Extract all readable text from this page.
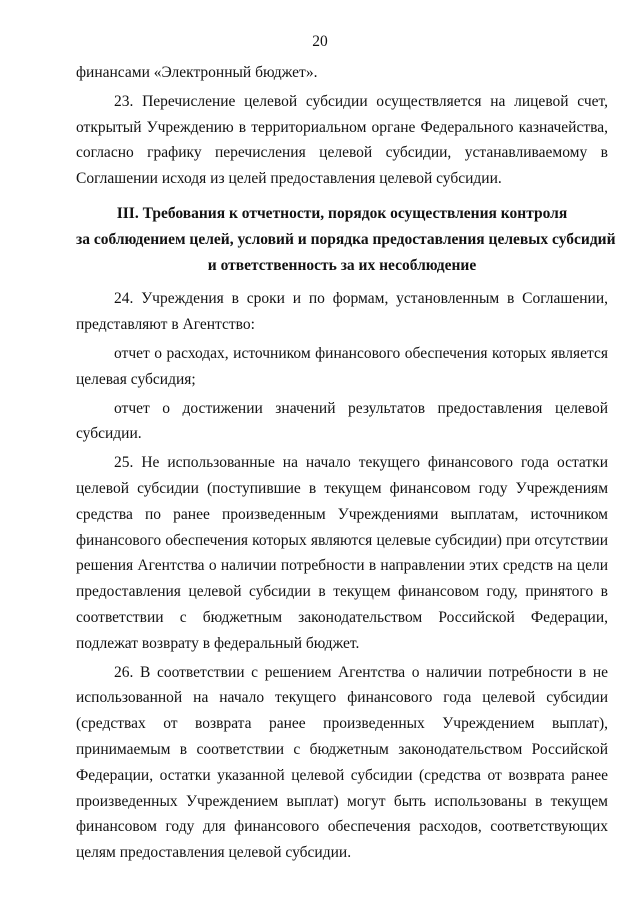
20

финансами «Электронный бюджет».

23. Перечисление целевой субсидии осуществляется на лицевой счет, открытый Учреждению в территориальном органе Федерального казначейства, согласно графику перечисления целевой субсидии, устанавливаемому в Соглашении исходя из целей предоставления целевой субсидии.

III. Требования к отчетности, порядок осуществления контроля
за соблюдением целей, условий и порядка предоставления целевых субсидий
и ответственность за их несоблюдение

24. Учреждения в сроки и по формам, установленным в Соглашении, представляют в Агентство:

отчет о расходах, источником финансового обеспечения которых является целевая субсидия;

отчет о достижении значений результатов предоставления целевой субсидии.

25. Не использованные на начало текущего финансового года остатки целевой субсидии (поступившие в текущем финансовом году Учреждениям средства по ранее произведенным Учреждениями выплатам, источником финансового обеспечения которых являются целевые субсидии) при отсутствии решения Агентства о наличии потребности в направлении этих средств на цели предоставления целевой субсидии в текущем финансовом году, принятого в соответствии с бюджетным законодательством Российской Федерации, подлежат возврату в федеральный бюджет.

26. В соответствии с решением Агентства о наличии потребности в не использованной на начало текущего финансового года целевой субсидии (средствах от возврата ранее произведенных Учреждением выплат), принимаемым в соответствии с бюджетным законодательством Российской Федерации, остатки указанной целевой субсидии (средства от возврата ранее произведенных Учреждением выплат) могут быть использованы в текущем финансовом году для финансового обеспечения расходов, соответствующих целям предоставления целевой субсидии.
